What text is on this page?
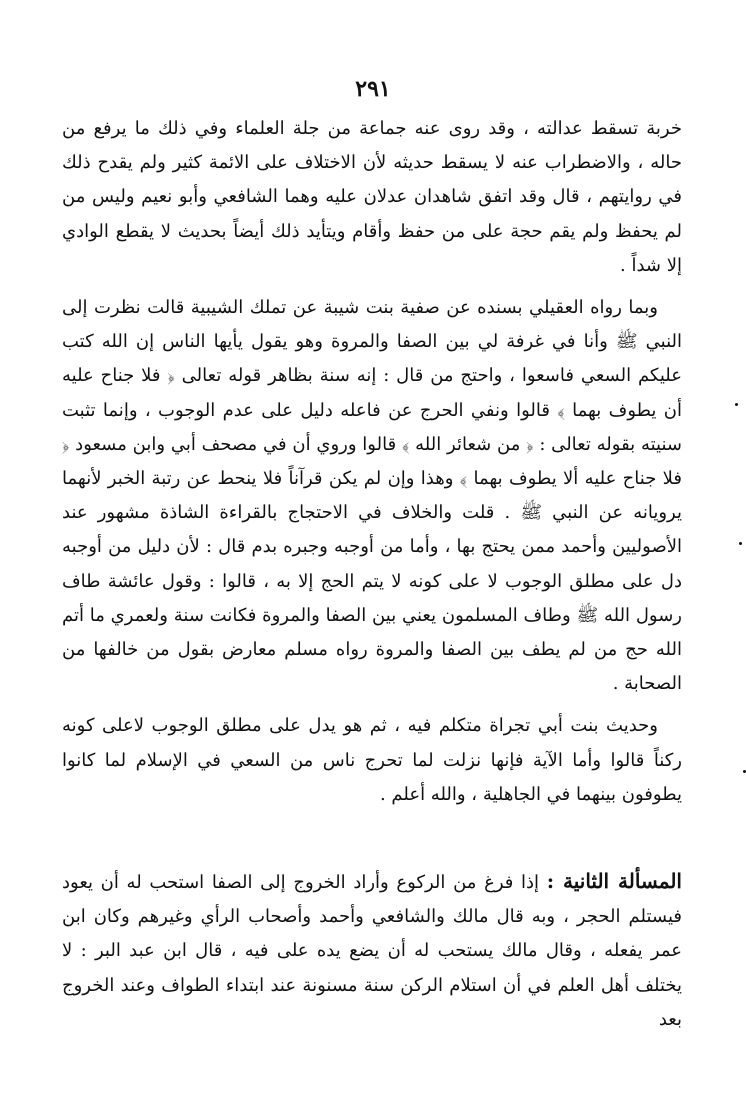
٢٩١

خربة تسقط عدالته ، وقد روى عنه جماعة من جلة العلماء وفي ذلك ما يرفع من حاله ، والاضطراب عنه لا يسقط حديثه لأن الاختلاف على الائمة كثير ولم يقدح ذلك في روايتهم ، قال وقد اتفق شاهدان عدلان عليه وهما الشافعي وأبو نعيم وليس من لم يحفظ ولم يقم حجة على من حفظ وأقام ويتأيد ذلك أيضاً بحديث لا يقطع الوادي إلا شداً .

وبما رواه العقيلي بسنده عن صفية بنت شيبة عن تملك الشيبية قالت نظرت إلى النبي ﷺ وأنا في غرفة لي بين الصفا والمروة وهو يقول يأيها الناس إن الله كتب عليكم السعي فاسعوا ، واحتج من قال : إنه سنة بظاهر قوله تعالى ﴿ فلا جناح عليه أن يطوف بهما ﴾ قالوا ونفي الحرج عن فاعله دليل على عدم الوجوب ، وإنما تثبت سنيته بقوله تعالى : ﴿ من شعائر الله ﴾ قالوا وروي أن في مصحف أبي وابن مسعود ﴿ فلا جناح عليه ألا يطوف بهما ﴾ وهذا وإن لم يكن قرآناً فلا ينحط عن رتبة الخبر لأنهما يرويانه عن النبي ﷺ . قلت والخلاف في الاحتجاج بالقراءة الشاذة مشهور عند الأصوليين وأحمد ممن يحتج بها ، وأما من أوجبه وجبره بدم قال : لأن دليل من أوجبه دل على مطلق الوجوب لا على كونه لا يتم الحج إلا به ، قالوا : وقول عائشة طاف رسول الله ﷺ وطاف المسلمون يعني بين الصفا والمروة فكانت سنة ولعمري ما أتم الله حج من لم يطف بين الصفا والمروة رواه مسلم معارض بقول من خالفها من الصحابة .

وحديث بنت أبي تجراة متكلم فيه ، ثم هو يدل على مطلق الوجوب لاعلى كونه ركناً قالوا وأما الآية فإنها نزلت لما تحرج ناس من السعي في الإسلام لما كانوا يطوفون بينهما في الجاهلية ، والله أعلم .

المسألة الثانية : إذا فرغ من الركوع وأراد الخروج إلى الصفا استحب له أن يعود فيستلم الحجر ، وبه قال مالك والشافعي وأحمد وأصحاب الرأي وغيرهم وكان ابن عمر يفعله ، وقال مالك يستحب له أن يضع يده على فيه ، قال ابن عبد البر : لا يختلف أهل العلم في أن استلام الركن سنة مسنونة عند ابتداء الطواف وعند الخروج بعد
